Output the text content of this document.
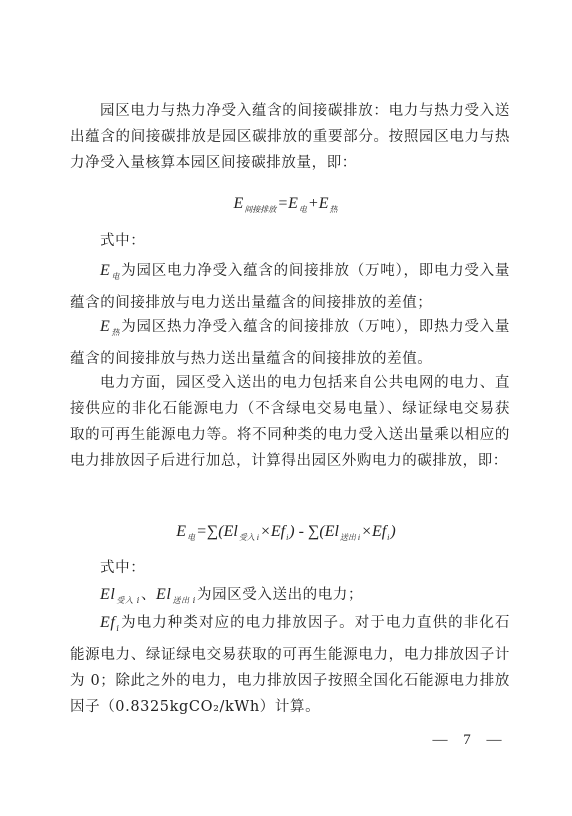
园区电力与热力净受入蕴含的间接碳排放：电力与热力受入送出蕴含的间接碳排放是园区碳排放的重要部分。按照园区电力与热力净受入量核算本园区间接碳排放量，即：

$E_{间接排放}=E_电+E_热$

式中：

$E_电$为园区电力净受入蕴含的间接排放（万吨），即电力受入量蕴含的间接排放与电力送出量蕴含的间接排放的差值；

$E_热$为园区热力净受入蕴含的间接排放（万吨），即热力受入量蕴含的间接排放与热力送出量蕴含的间接排放的差值。

电力方面，园区受入送出的电力包括来自公共电网的电力、直接供应的非化石能源电力（不含绿电交易电量）、绿证绿电交易获取的可再生能源电力等。将不同种类的电力受入送出量乘以相应的电力排放因子后进行加总，计算得出园区外购电力的碳排放，即：

$E_电=\sum(El_{受入 i}\times Ef_i) - \sum(El_{送出 i}\times Ef_i)$

式中：

$El_{受入 i}$、$El_{送出 i}$为园区受入送出的电力；

$Ef_i$为电力种类对应的电力排放因子。对于电力直供的非化石能源电力、绿证绿电交易获取的可再生能源电力，电力排放因子计为 0；除此之外的电力，电力排放因子按照全国化石能源电力排放因子（0.8325kgCO₂/kWh）计算。

— 7 —
